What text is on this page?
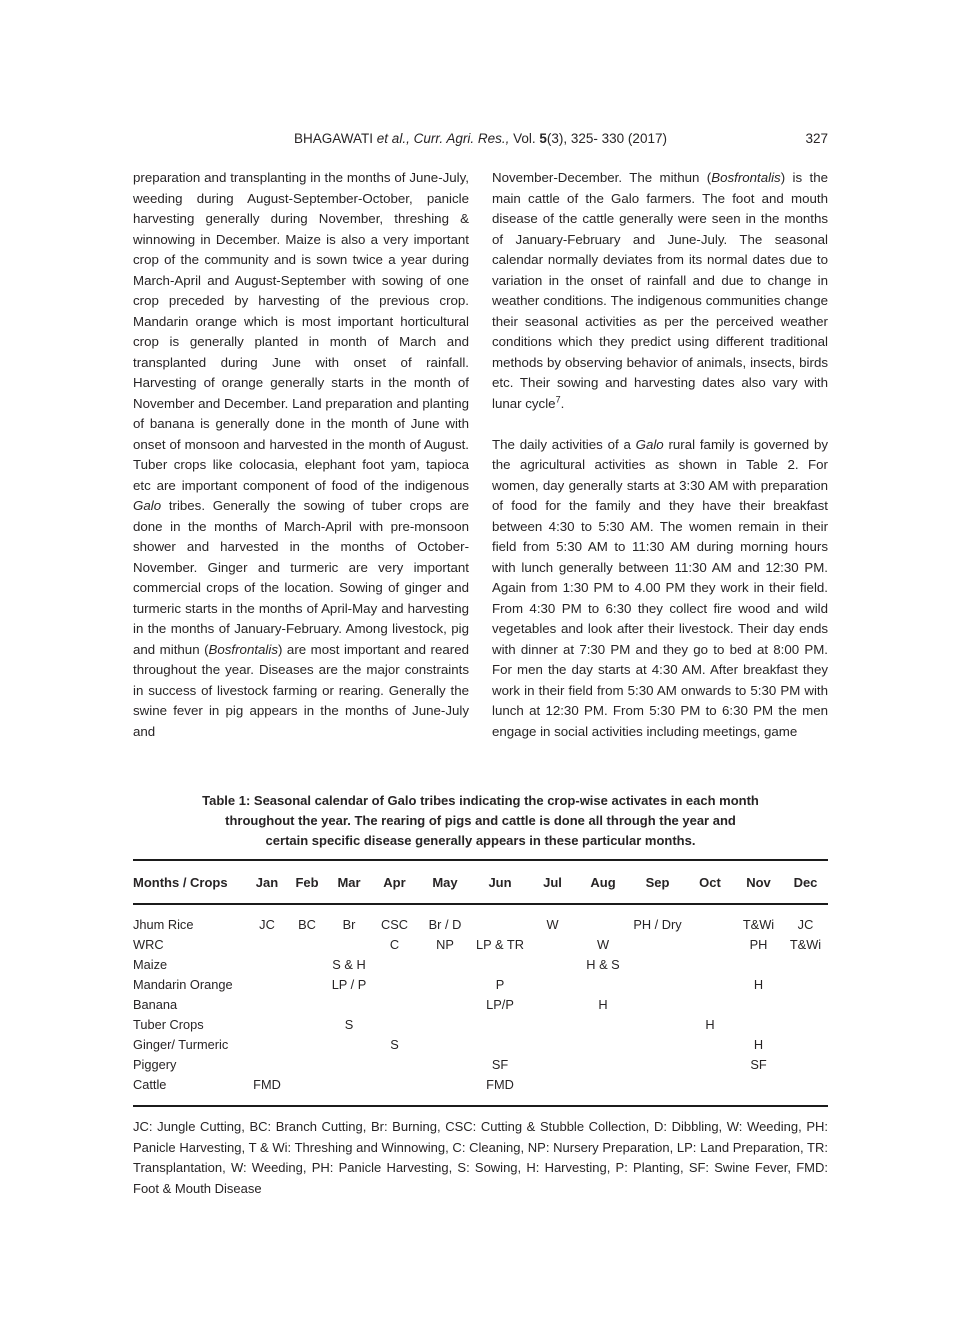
BHAGAWATI et al., Curr. Agri. Res., Vol. 5(3), 325- 330 (2017)	327

preparation and transplanting in the months of June-July, weeding during August-September-October, panicle harvesting generally during November, threshing & winnowing in December. Maize is also a very important crop of the community and is sown twice a year during March-April and August-September with sowing of one crop preceded by harvesting of the previous crop. Mandarin orange which is most important horticultural crop is generally planted in month of March and transplanted during June with onset of rainfall. Harvesting of orange generally starts in the month of November and December. Land preparation and planting of banana is generally done in the month of June with onset of monsoon and harvested in the month of August. Tuber crops like colocasia, elephant foot yam, tapioca etc are important component of food of the indigenous Galo tribes. Generally the sowing of tuber crops are done in the months of March-April with pre-monsoon shower and harvested in the months of October-November. Ginger and turmeric are very important commercial crops of the location. Sowing of ginger and turmeric starts in the months of April-May and harvesting in the months of January-February. Among livestock, pig and mithun (Bosfrontalis) are most important and reared throughout the year. Diseases are the major constraints in success of livestock farming or rearing. Generally the swine fever in pig appears in the months of June-July and

November-December. The mithun (Bosfrontalis) is the main cattle of the Galo farmers. The foot and mouth disease of the cattle generally were seen in the months of January-February and June-July. The seasonal calendar normally deviates from its normal dates due to variation in the onset of rainfall and due to change in weather conditions. The indigenous communities change their seasonal activities as per the perceived weather conditions which they predict using different traditional methods by observing behavior of animals, insects, birds etc. Their sowing and harvesting dates also vary with lunar cycle$^7$.

The daily activities of a Galo rural family is governed by the agricultural activities as shown in Table 2. For women, day generally starts at 3:30 AM with preparation of food for the family and they have their breakfast between 4:30 to 5:30 AM. The women remain in their field from 5:30 AM to 11:30 AM during morning hours with lunch generally between 11:30 AM and 12:30 PM. Again from 1:30 PM to 4.00 PM they work in their field. From 4:30 PM to 6:30 they collect fire wood and wild vegetables and look after their livestock. Their day ends with dinner at 7:30 PM and they go to bed at 8:00 PM. For men the day starts at 4:30 AM. After breakfast they work in their field from 5:30 AM onwards to 5:30 PM with lunch at 12:30 PM. From 5:30 PM to 6:30 PM the men engage in social activities including meetings, game

Table 1: Seasonal calendar of Galo tribes indicating the crop-wise activates in each month
throughout the year. The rearing of pigs and cattle is done all through the year and
certain specific disease generally appears in these particular months.
Months / Crops	Jan	Feb	Mar	Apr	May	Jun	Jul	Aug	Sep	Oct	Nov	Dec
Jhum Rice	JC	BC	Br	CSC	Br / D		W		PH / Dry		T&Wi	JC
WRC				C	NP	LP & TR		W			PH	T&Wi
Maize			S & H					H & S				
Mandarin Orange			LP / P			P					H	
Banana						LP/P		H				
Tuber Crops			S							H		
Ginger/ Turmeric				S							H	
Piggery						SF					SF	
Cattle	FMD					FMD						

JC: Jungle Cutting, BC: Branch Cutting, Br: Burning, CSC: Cutting & Stubble Collection, D: Dibbling, W: Weeding, PH: Panicle Harvesting, T & Wi: Threshing and Winnowing, C: Cleaning, NP: Nursery Preparation, LP: Land Preparation, TR: Transplantation, W: Weeding, PH: Panicle Harvesting, S: Sowing, H: Harvesting, P: Planting, SF: Swine Fever, FMD: Foot & Mouth Disease
